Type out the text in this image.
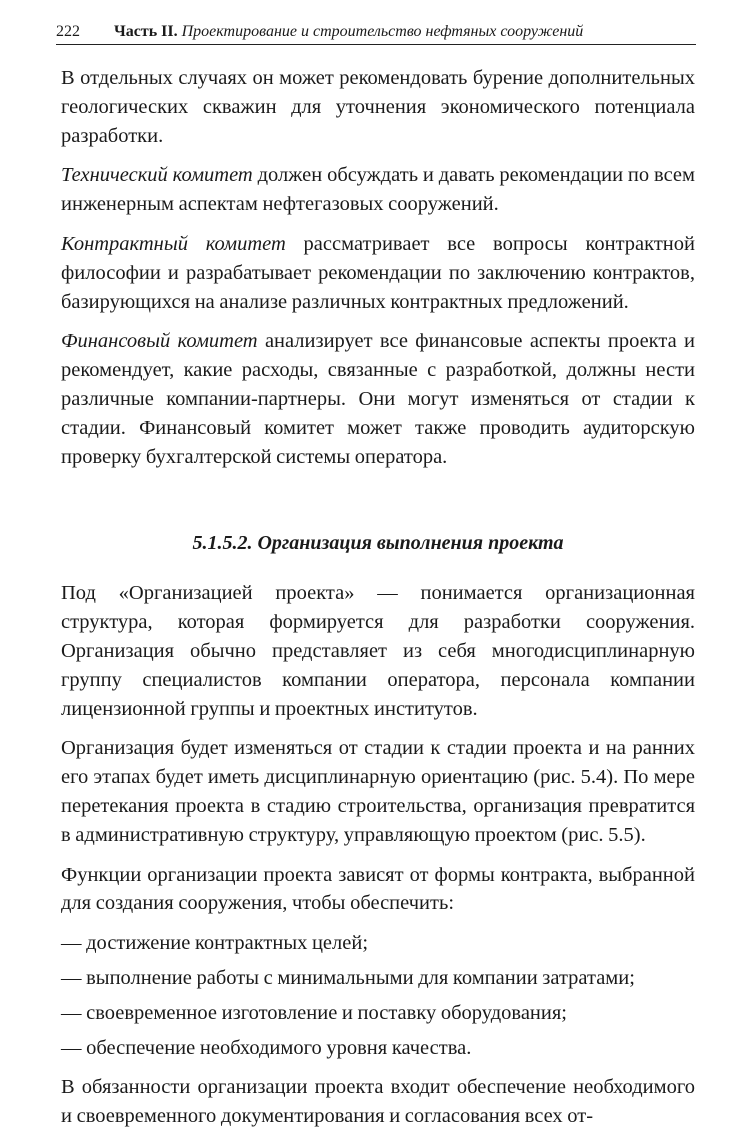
222 Часть II. Проектирование и строительство нефтяных сооружений

В отдельных случаях он может рекомендовать бурение дополнительных геологических скважин для уточнения экономического потенциала разработки.

Технический комитет должен обсуждать и давать рекомендации по всем инженерным аспектам нефтегазовых сооружений.

Контрактный комитет рассматривает все вопросы контрактной философии и разрабатывает рекомендации по заключению контрактов, базирующихся на анализе различных контрактных предложений.

Финансовый комитет анализирует все финансовые аспекты проекта и рекомендует, какие расходы, связанные с разработкой, должны нести различные компании-партнеры. Они могут изменяться от стадии к стадии. Финансовый комитет может также проводить аудиторскую проверку бухгалтерской системы оператора.

5.1.5.2. Организация выполнения проекта

Под «Организацией проекта» — понимается организационная структура, которая формируется для разработки сооружения. Организация обычно представляет из себя многодисциплинарную группу специалистов компании оператора, персонала компании лицензионной группы и проектных институтов.

Организация будет изменяться от стадии к стадии проекта и на ранних его этапах будет иметь дисциплинарную ориентацию (рис. 5.4). По мере перетекания проекта в стадию строительства, организация превратится в административную структуру, управляющую проектом (рис. 5.5).

Функции организации проекта зависят от формы контракта, выбранной для создания сооружения, чтобы обеспечить:

— достижение контрактных целей;

— выполнение работы с минимальными для компании затратами;

— своевременное изготовление и поставку оборудования;

— обеспечение необходимого уровня качества.

В обязанности организации проекта входит обеспечение необходимого и своевременного документирования и согласования всех от-
